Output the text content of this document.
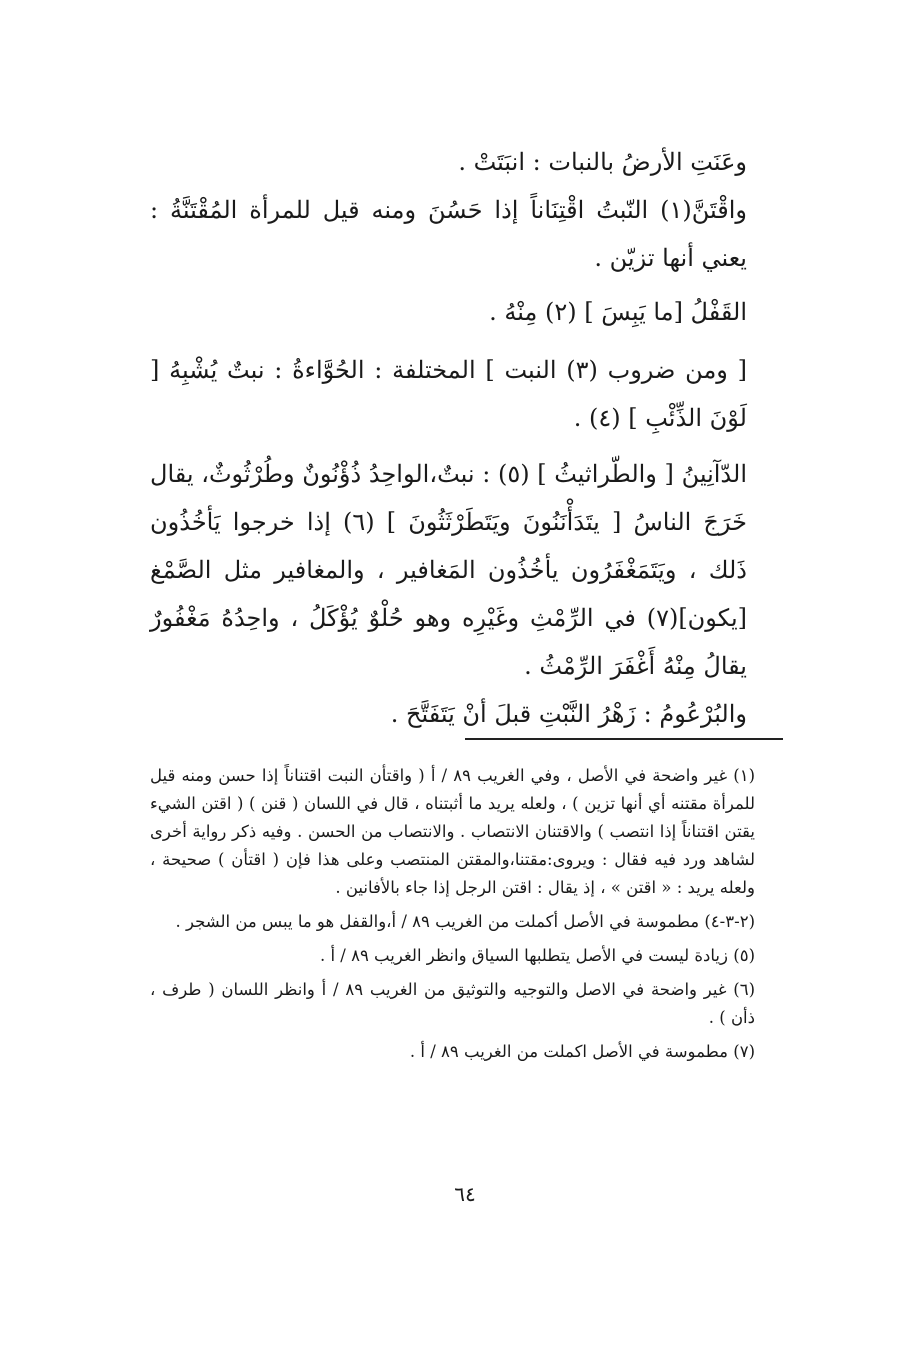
وعَنَتِ الأرضُ بالنبات : انبَتَتْ .

واقْتَنَّ(١) النّبتُ اقْتِنَاناً إذا حَسُنَ ومنه قيل للمرأة المُقْتَنَّةُ : يعني أنها تزيّن .

القَفْلُ [ما يَبِسَ ] (٢) مِنْهُ .

[ ومن ضروب (٣) النبت ] المختلفة : الحُوَّاءةُ : نبتٌ يُشْبِهُ [ لَوْنَ الذِّئْبِ ] (٤) .

الدّآنِينُ [ والطّراثيثُ ] (٥) : نبتٌ،الواحِدُ ذُؤْنُونٌ وطُرْثُوثٌ، يقال خَرَجَ الناسُ [ يتَدَأْنَنُونَ ويَتَطَرْثَثُونَ ] (٦) إذا خرجوا يَأخُذُون ذَلك ، ويَتَمَغْفَرُون يأخُذُون المَغافير ، والمغافير مثل الصَّمْغ [يكون](٧) في الرِّمْثِ وغَيْرِه وهو حُلْوٌ يُؤْكَلُ ، واحِدُهُ مَغْفُورٌ يقالُ مِنْهُ أَغْفَرَ الرِّمْثُ .

والبُرْعُومُ : زَهْرُ النَّبْتِ قبلَ أنْ يَتَفَتَّحَ .

(١) غير واضحة في الأصل ، وفي الغريب ٨٩ / أ ( واقتأن النبت اقتناناً إذا حسن ومنه قيل للمرأة مقتنه أي أنها تزين ) ، ولعله يريد ما أثبتناه ، قال في اللسان ( قنن ) ( اقتن الشيء يقتن اقتناناً إذا انتصب ) والاقتنان الانتصاب . والانتصاب من الحسن . وفيه ذكر رواية أخرى لشاهد ورد فيه فقال : ويروى:مقتنا،والمقتن المنتصب وعلى هذا فإن ( اقتأن ) صحيحة ، ولعله يريد : « اقتن » ، إذ يقال : اقتن الرجل إذا جاء بالأفانين .

(٢-٣-٤) مطموسة في الأصل أكملت من الغريب ٨٩ / أ،والقفل هو ما يبس من الشجر .

(٥) زيادة ليست في الأصل يتطلبها السياق وانظر الغريب ٨٩ / أ .

(٦) غير واضحة في الاصل والتوجيه والتوثيق من الغريب ٨٩ / أ وانظر اللسان ( طرف ، ذأن ) .

(٧) مطموسة في الأصل اكملت من الغريب ٨٩ / أ .

٦٤
